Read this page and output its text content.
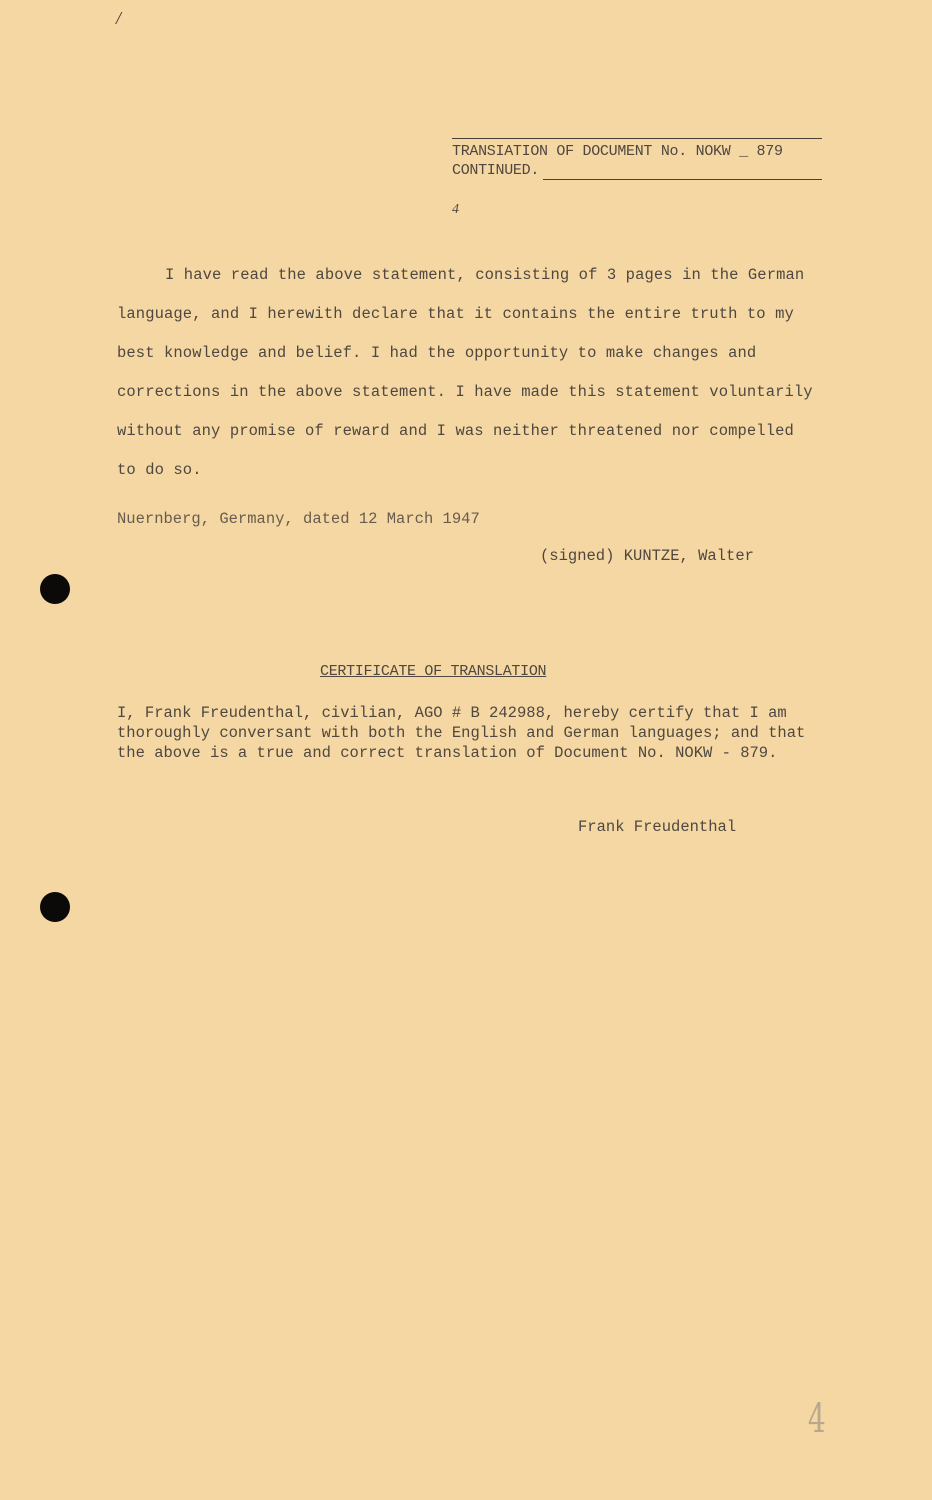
/
TRANSIATION OF DOCUMENT No. NOKW _ 879
CONTINUED.
4
I have read the above statement, consisting of 3 pages in the German
language, and I herewith declare that it contains the entire truth to my
best knowledge and belief. I had the opportunity to make changes and
corrections in the above statement. I have made this statement voluntarily
without any promise of reward and I was neither threatened nor compelled
to do so.
Nuernberg, Germany, dated 12 March 1947
(signed) KUNTZE, Walter
CERTIFICATE OF TRANSLATION
I, Frank Freudenthal, civilian, AGO # B 242988, hereby certify that I am
thoroughly conversant with both the English and German languages; and that
the above is a true and correct translation of Document No. NOKW - 879.
Frank Freudenthal
4
